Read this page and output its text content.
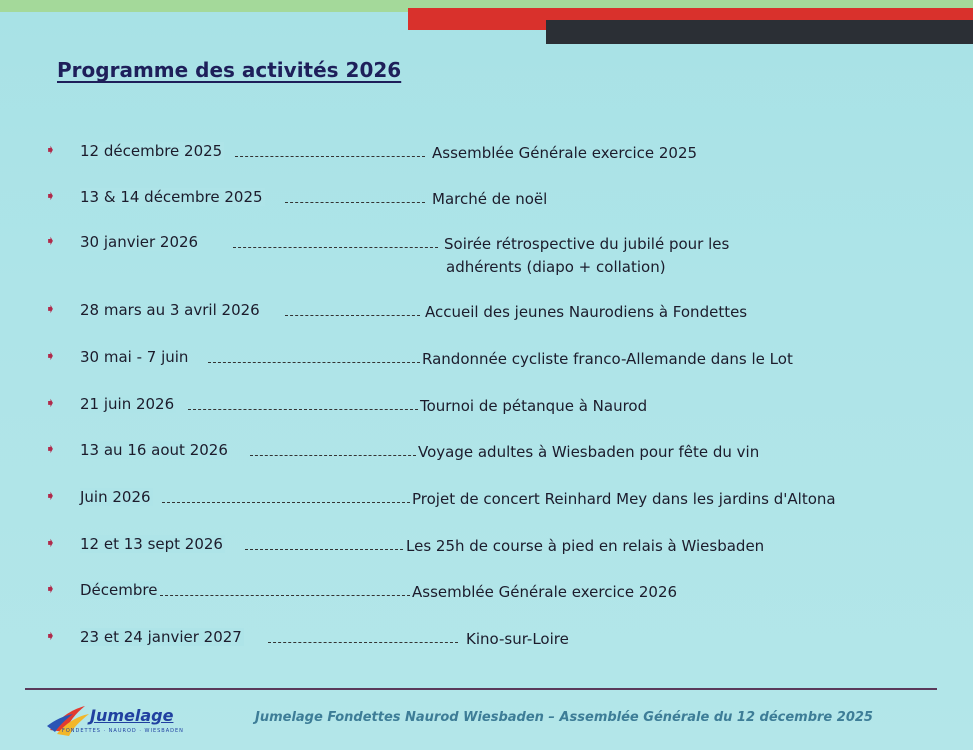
Programme des activités 2026
➧ 12 décembre 2025	Assemblée Générale exercice 2025
➧ 13 & 14 décembre 2025	Marché de noël
➧ 30 janvier 2026	Soirée rétrospective du jubilé pour les
adhérents (diapo + collation)
➧ 28 mars au 3 avril 2026	Accueil des jeunes Naurodiens à Fondettes
➧ 30 mai - 7 juin	Randonnée cycliste franco-Allemande dans le Lot
➧ 21 juin 2026	Tournoi de pétanque à Naurod
➧ 13 au 16 aout 2026	Voyage adultes à Wiesbaden pour fête du vin
➧ Juin 2026	Projet de concert Reinhard Mey dans les jardins d'Altona
➧ 12 et 13 sept 2026	Les 25h de course à pied en relais à Wiesbaden
➧ Décembre	Assemblée Générale exercice 2026
➧ 23 et 24 janvier 2027	Kino-sur-Loire
Jumelage
FONDETTES · NAUROD · WIESBADEN
Jumelage Fondettes Naurod Wiesbaden – Assemblée Générale du 12 décembre 2025
